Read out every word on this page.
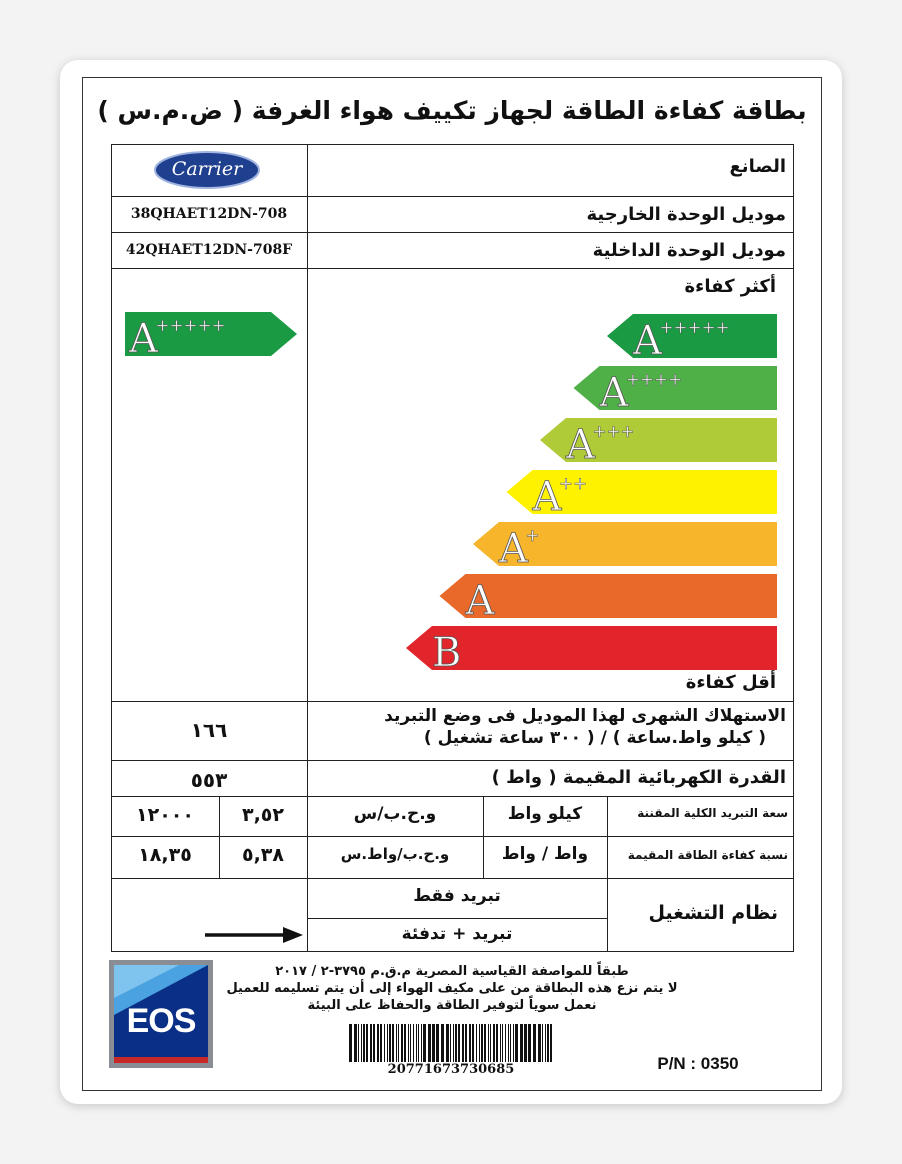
بطاقة كفاءة الطاقة لجهاز تكييف هواء الغرفة ( ض.م.س )
الصانع
Carrier
موديل الوحدة الخارجية
38QHAET12DN-708
موديل الوحدة الداخلية
42QHAET12DN-708F
أكثر كفاءة
أقل كفاءة
A
+++++
A
++++
A
+++
A
++
A
+
A
B
A
+++++
الاستهلاك الشهرى لهذا الموديل فى وضع التبريد
( كيلو واط.ساعة ) / ( ٣٠٠ ساعة تشغيل )
١٦٦
القدرة الكهربائية المقيمة ( واط )
٥٥٣
سعة التبريد الكلية المقننة
كيلو واط
و.ح.ب/س
٣,٥٢
١٢٠٠٠
نسبة كفاءة الطاقة المقيمة
واط / واط
و.ح.ب/واط.س
٥,٣٨
١٨,٣٥
نظام التشغيل
تبريد فقط
تبريد + تدفئة
EOS
طبقاً للمواصفة القياسية المصرية م.ق.م ٣٧٩٥-٢ / ٢٠١٧
لا يتم نزع هذه البطاقة من على مكيف الهواء إلى أن يتم تسليمه للعميل
نعمل سوياً لتوفير الطاقة والحفاظ على البيئة
20771673730685	P/N : 0350
